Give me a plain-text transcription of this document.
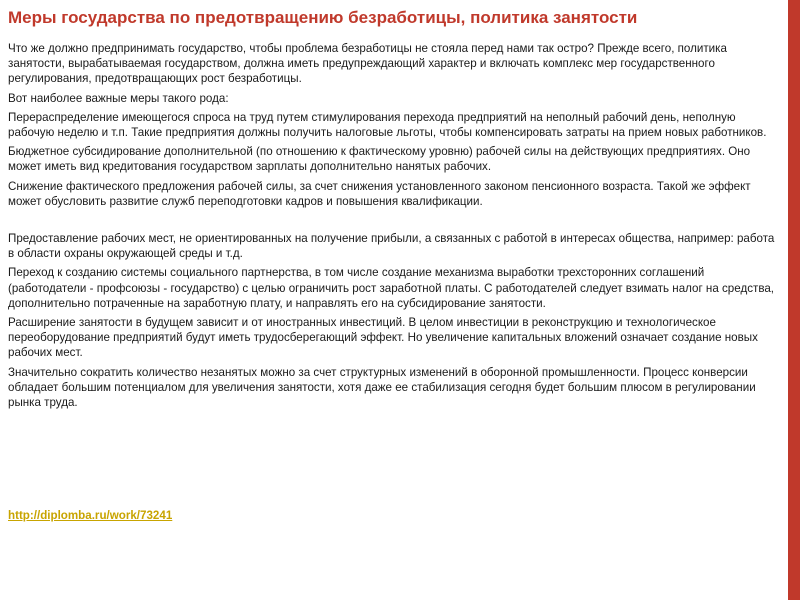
Меры государства по предотвращению безработицы, политика занятости

Что же должно предпринимать государство, чтобы проблема безработицы не стояла перед нами так остро? Прежде всего, политика занятости, вырабатываемая государством, должна иметь предупреждающий характер и включать комплекс мер государственного регулирования, предотвращающих рост безработицы.

Вот наиболее важные меры такого рода:

Перераспределение имеющегося спроса на труд путем стимулирования перехода предприятий на неполный рабочий день, неполную рабочую неделю и т.п. Такие предприятия должны получить налоговые льготы, чтобы компенсировать затраты на прием новых работников.

Бюджетное субсидирование дополнительной (по отношению к фактическому уровню) рабочей силы на действующих предприятиях. Оно может иметь вид кредитования государством зарплаты дополнительно нанятых рабочих.

Снижение фактического предложения рабочей силы, за счет снижения установленного законом пенсионного возраста. Такой же эффект может обусловить развитие служб переподготовки кадров и повышения квалификации.

Предоставление рабочих мест, не ориентированных на получение прибыли, а связанных с работой в интересах общества, например: работа в области охраны окружающей среды и т.д.

Переход к созданию системы социального партнерства, в том числе создание механизма выработки трехсторонних соглашений (работодатели - профсоюзы - государство) с целью ограничить рост заработной платы. С работодателей следует взимать налог на средства, дополнительно потраченные на заработную плату, и направлять его на субсидирование занятости.

Расширение занятости в будущем зависит и от иностранных инвестиций. В целом инвестиции в реконструкцию и технологическое переоборудование предприятий будут иметь трудосберегающий эффект. Но увеличение капитальных вложений означает создание новых рабочих мест.

Значительно сократить количество незанятых можно за счет структурных изменений в оборонной промышленности. Процесс конверсии обладает большим потенциалом для увеличения занятости, хотя даже ее стабилизация сегодня будет большим плюсом в регулировании рынка труда.

http://diplomba.ru/work/73241
